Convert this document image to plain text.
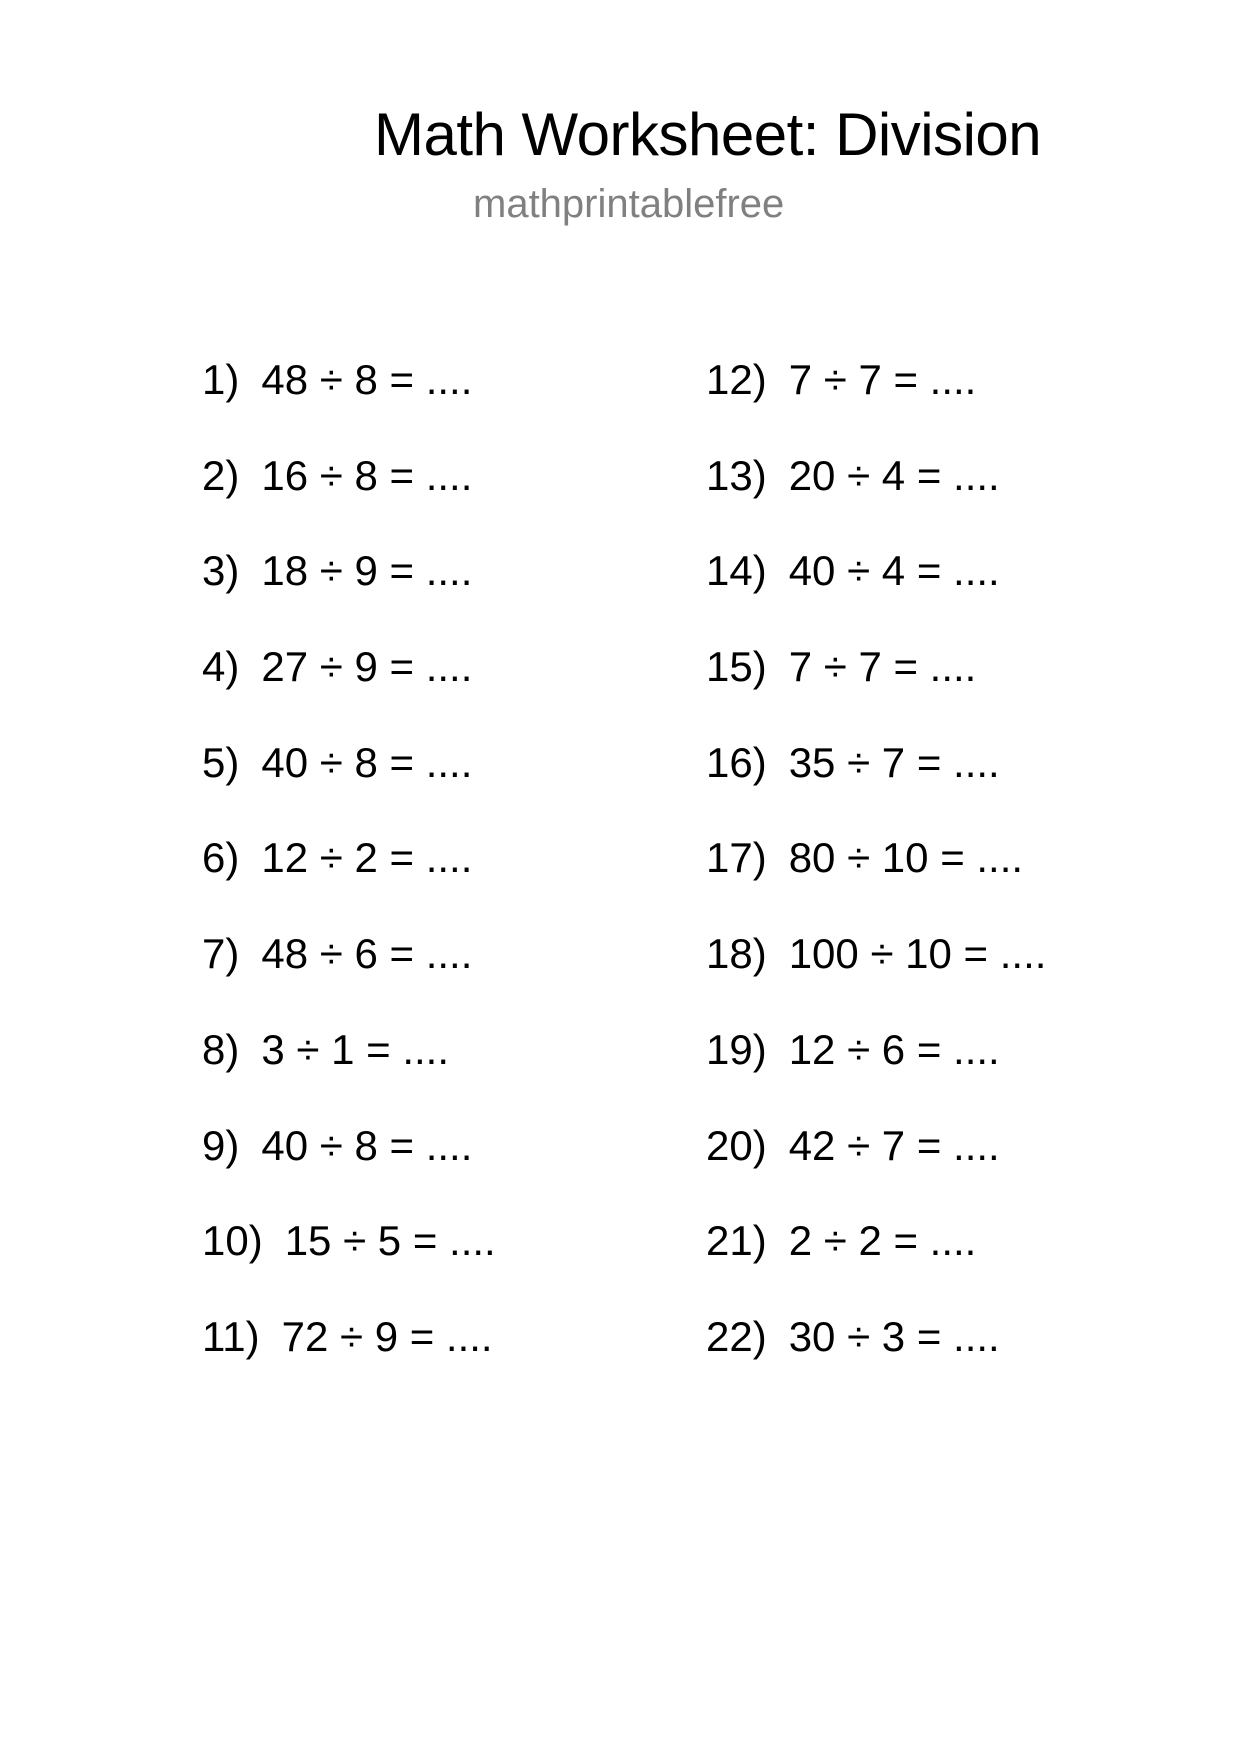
Math Worksheet: Division
mathprintablefree
1) 48 ÷ 8 = ....
2) 16 ÷ 8 = ....
3) 18 ÷ 9 = ....
4) 27 ÷ 9 = ....
5) 40 ÷ 8 = ....
6) 12 ÷ 2 = ....
7) 48 ÷ 6 = ....
8) 3 ÷ 1 = ....
9) 40 ÷ 8 = ....
10) 15 ÷ 5 = ....
11) 72 ÷ 9 = ....
12) 7 ÷ 7 = ....
13) 20 ÷ 4 = ....
14) 40 ÷ 4 = ....
15) 7 ÷ 7 = ....
16) 35 ÷ 7 = ....
17) 80 ÷ 10 = ....
18) 100 ÷ 10 = ....
19) 12 ÷ 6 = ....
20) 42 ÷ 7 = ....
21) 2 ÷ 2 = ....
22) 30 ÷ 3 = ....
